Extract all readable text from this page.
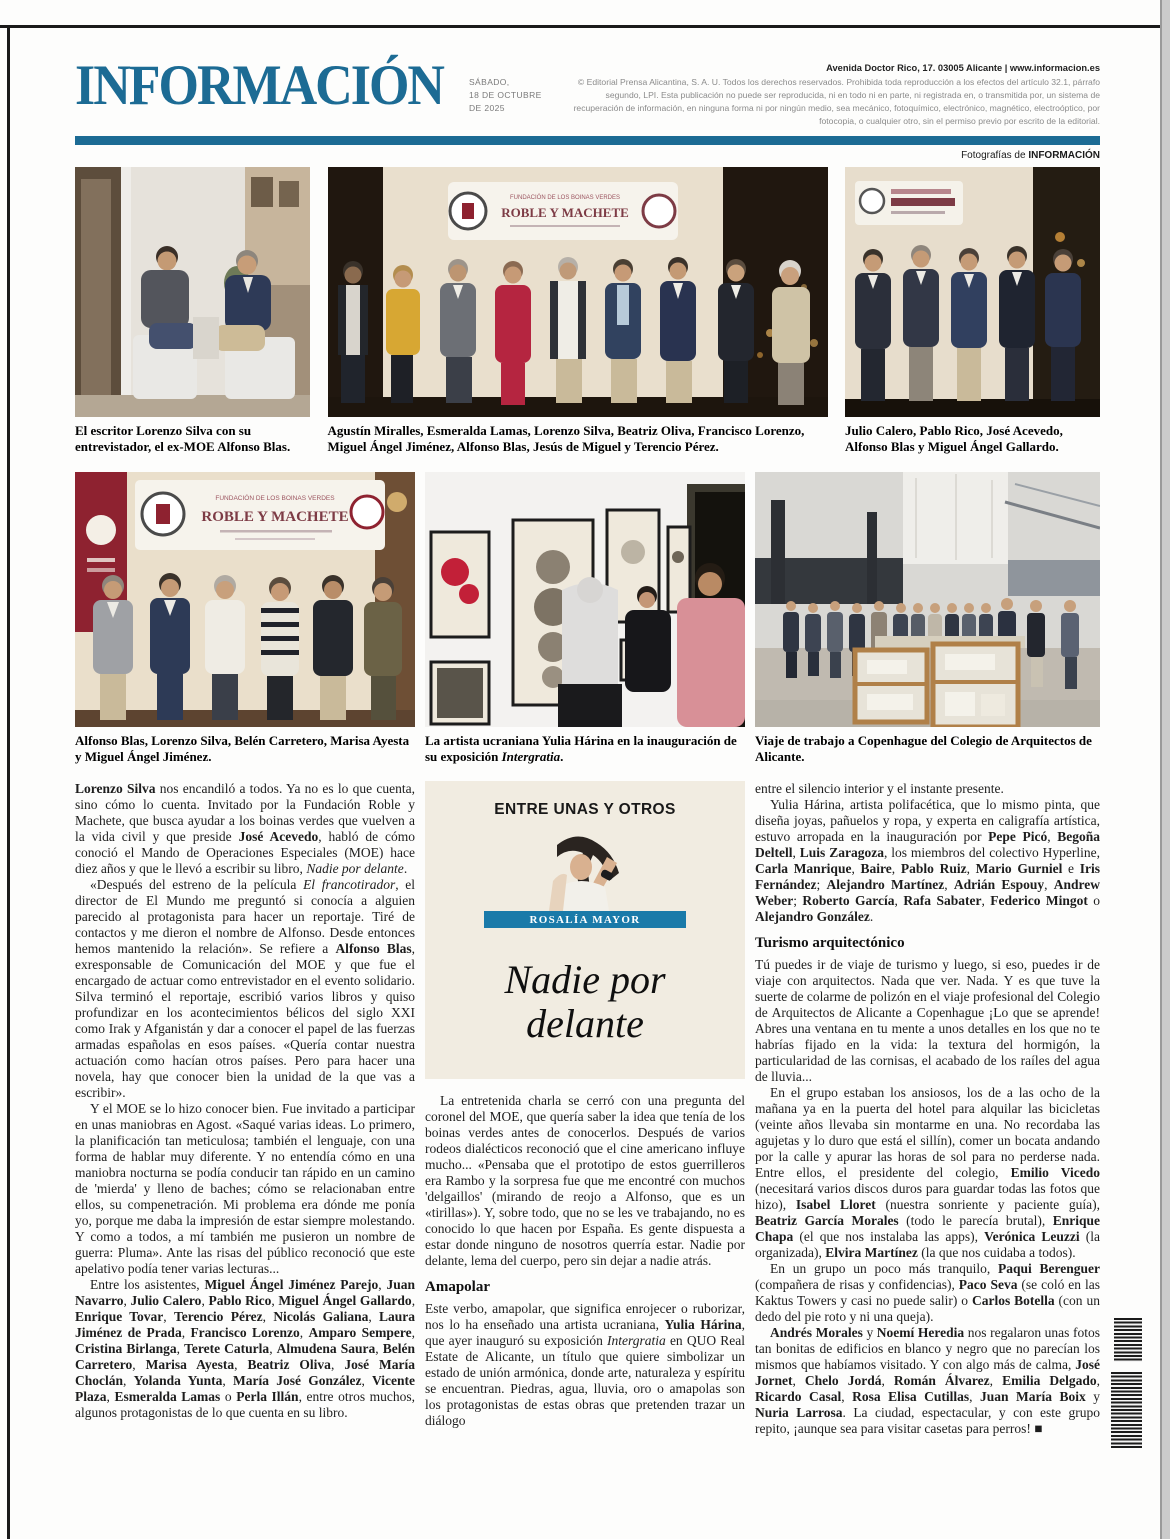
INFORMACIÓN	SÁBADO,
18 DE OCTUBRE
DE 2025
Avenida Doctor Rico, 17. 03005 Alicante | www.informacion.es
© Editorial Prensa Alicantina, S. A. U. Todos los derechos reservados. Prohibida toda reproducción a los efectos del artículo 32.1, párrafo segundo, LPI. Esta publicación no puede ser reproducida, ni en todo ni en parte, ni registrada en, o transmitida por, un sistema de recuperación de información, en ninguna forma ni por ningún medio, sea mecánico, fotoquímico, electrónico, magnético, electroóptico, por fotocopia, o cualquier otro, sin el permiso previo por escrito de la editorial.
Fotografías de INFORMACIÓN
El escritor Lorenzo Silva con su entrevistador, el ex-MOE Alfonso Blas.
FUNDACIÓN DE LOS BOINAS VERDES
ROBLE Y MACHETE
Agustín Miralles, Esmeralda Lamas, Lorenzo Silva, Beatriz Oliva, Francisco Lorenzo, Miguel Ángel Jiménez, Alfonso Blas, Jesús de Miguel y Terencio Pérez.
Julio Calero, Pablo Rico, José Acevedo, Alfonso Blas y Miguel Ángel Gallardo.
FUNDACIÓN DE LOS BOINAS VERDES
ROBLE Y MACHETE
Alfonso Blas, Lorenzo Silva, Belén Carretero, Marisa Ayesta y Miguel Ángel Jiménez.
La artista ucraniana Yulia Hárina en la inauguración de su exposición Intergratia.
Viaje de trabajo a Copenhague del Colegio de Arquitectos de Alicante.

Lorenzo Silva nos encandiló a todos. Ya no es lo que cuenta, sino cómo lo cuenta. Invitado por la Fundación Roble y Machete, que busca ayudar a los boinas verdes que vuelven a la vida civil y que preside José Acevedo, habló de cómo conoció el Mando de Operaciones Especiales (MOE) hace diez años y que le llevó a escribir su libro, Nadie por delante.

«Después del estreno de la película El francotirador, el director de El Mundo me preguntó si conocía a alguien parecido al protagonista para hacer un reportaje. Tiré de contactos y me dieron el nombre de Alfonso. Desde entonces hemos mantenido la relación». Se refiere a Alfonso Blas, exresponsable de Comunicación del MOE y que fue el encargado de actuar como entrevistador en el evento solidario. Silva terminó el reportaje, escribió varios libros y quiso profundizar en los acontecimientos bélicos del siglo XXI como Irak y Afganistán y dar a conocer el papel de las fuerzas armadas españolas en esos países. «Quería contar nuestra actuación como hacían otros países. Pero para hacer una novela, hay que conocer bien la unidad de la que vas a escribir».

Y el MOE se lo hizo conocer bien. Fue invitado a participar en unas maniobras en Agost. «Saqué varias ideas. Lo primero, la planificación tan meticulosa; también el lenguaje, con una forma de hablar muy diferente. Y no entendía cómo en una maniobra nocturna se podía conducir tan rápido en un camino de 'mierda' y lleno de baches; cómo se relacionaban entre ellos, su compenetración. Mi problema era dónde me ponía yo, porque me daba la impresión de estar siempre molestando. Y como a todos, a mí también me pusieron un nombre de guerra: Pluma». Ante las risas del público reconoció que este apelativo podía tener varias lecturas...

Entre los asistentes, Miguel Ángel Jiménez Parejo, Juan Navarro, Julio Calero, Pablo Rico, Miguel Ángel Gallardo, Enrique Tovar, Terencio Pérez, Nicolás Galiana, Laura Jiménez de Prada, Francisco Lorenzo, Amparo Sempere, Cristina Birlanga, Terete Caturla, Almudena Saura, Belén Carretero, Marisa Ayesta, Beatriz Oliva, José María Choclán, Yolanda Yunta, María José González, Vicente Plaza, Esmeralda Lamas o Perla Illán, entre otros muchos, algunos protagonistas de lo que cuenta en su libro.

ENTRE UNAS Y OTROS
ROSALÍA MAYOR
Nadie por delante

La entretenida charla se cerró con una pregunta del coronel del MOE, que quería saber la idea que tenía de los boinas verdes antes de conocerlos. Después de varios rodeos dialécticos reconoció que el cine americano influye mucho... «Pensaba que el prototipo de estos guerrilleros era Rambo y la sorpresa fue que me encontré con muchos 'delgaillos' (mirando de reojo a Alfonso, que es un «tirillas»). Y, sobre todo, que no se les ve trabajando, no es conocido lo que hacen por España. Es gente dispuesta a estar donde ninguno de nosotros querría estar. Nadie por delante, lema del cuerpo, pero sin dejar a nadie atrás.

Amapolar

Este verbo, amapolar, que significa enrojecer o ruborizar, nos lo ha enseñado una artista ucraniana, Yulia Hárina, que ayer inauguró su exposición Intergratia en QUO Real Estate de Alicante, un título que quiere simbolizar un estado de unión armónica, donde arte, naturaleza y espíritu se encuentran. Piedras, agua, lluvia, oro o amapolas son los protagonistas de estas obras que pretenden trazar un diálogo

entre el silencio interior y el instante presente.

Yulia Hárina, artista polifacética, que lo mismo pinta, que diseña joyas, pañuelos y ropa, y experta en caligrafía artística, estuvo arropada en la inauguración por Pepe Picó, Begoña Deltell, Luis Zaragoza, los miembros del colectivo Hyperline, Carla Manrique, Baire, Pablo Ruiz, Mario Gurniel e Iris Fernández; Alejandro Martínez, Adrián Espouy, Andrew Weber; Roberto García, Rafa Sabater, Federico Mingot o Alejandro González.

Turismo arquitectónico

Tú puedes ir de viaje de turismo y luego, si eso, puedes ir de viaje con arquitectos. Nada que ver. Nada. Y es que tuve la suerte de colarme de polizón en el viaje profesional del Colegio de Arquitectos de Alicante a Copenhague ¡Lo que se aprende! Abres una ventana en tu mente a unos detalles en los que no te habrías fijado en la vida: la textura del hormigón, la particularidad de las cornisas, el acabado de los raíles del agua de lluvia...

En el grupo estaban los ansiosos, los de a las ocho de la mañana ya en la puerta del hotel para alquilar las bicicletas (veinte años llevaba sin montarme en una. No recordaba las agujetas y lo duro que está el sillín), comer un bocata andando por la calle y apurar las horas de sol para no perderse nada. Entre ellos, el presidente del colegio, Emilio Vicedo (necesitará varios discos duros para guardar todas las fotos que hizo), Isabel Lloret (nuestra sonriente y paciente guía), Beatriz García Morales (todo le parecía brutal), Enrique Chapa (el que nos instalaba las apps), Verónica Leuzzi (la organizada), Elvira Martínez (la que nos cuidaba a todos).

En un grupo un poco más tranquilo, Paqui Berenguer (compañera de risas y confidencias), Paco Seva (se coló en las Kaktus Towers y casi no puede salir) o Carlos Botella (con un dedo del pie roto y ni una queja).

Andrés Morales y Noemí Heredia nos regalaron unas fotos tan bonitas de edificios en blanco y negro que no parecían los mismos que habíamos visitado. Y con algo más de calma, José Jornet, Chelo Jordá, Román Álvarez, Emilia Delgado, Ricardo Casal, Rosa Elisa Cutillas, Juan María Boix y Nuria Larrosa. La ciudad, espectacular, y con este grupo repito, ¡aunque sea para visitar casetas para perros! ■
